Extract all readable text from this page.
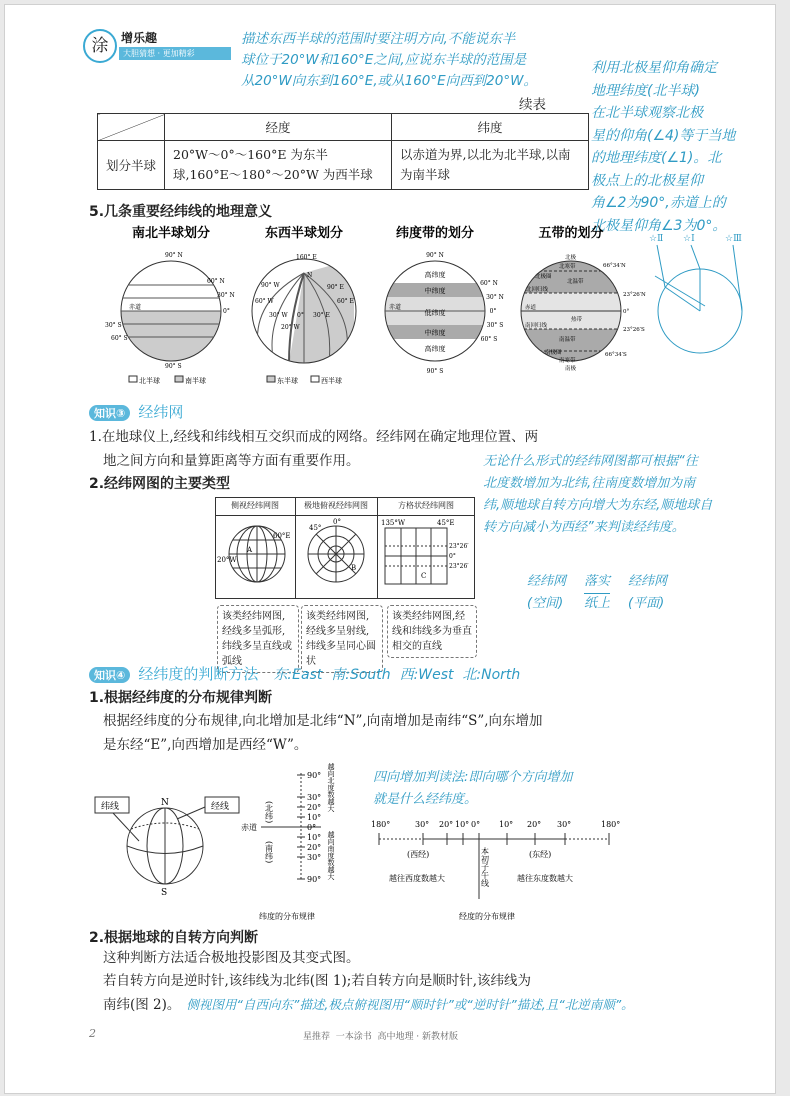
涂	增乐趣
大胆猜想 · 更加精彩
描述东西半球的范围时要注明方向,不能说东半
球位于20°W和160°E之间,应说东半球的范围是
从20°W向东到160°E,或从160°E向西到20°W。
续表
	经度	纬度
划分半球	20°W～0°～160°E 为东半球,160°E～180°～20°W 为西半球	以赤道为界,以北为北半球,以南为南半球
利用北极星仰角确定
地理纬度(北半球)
在北半球观察北极
星的仰角(∠4)等于当地
的地理纬度(∠1)。北
极点上的北极星仰
角∠2为90°,赤道上的
北极星仰角∠3为0°。
5.几条重要经纬线的地理意义
南北半球划分	东西半球划分	纬度带的划分	五带的划分
90° N
60° N
30° N
赤道
0°
30° S
60° S
90° S
北半球	南半球
160° E
N
90° W	90° E
60° W	60° E
30° W 0° 30° E
20° W
东半球	西半球
90° N
高纬度
60° N
中纬度
30° N
赤道
低纬度	0°
30° S
中纬度
60° S
高纬度
90° S
北极
北寒带	66°34′N
北极圈
北温带
北回归线
23°26′N
赤道
热带
0°
南回归线
23°26′S
南温带
南极圈
南寒带
66°34′S
南极
☆Ⅱ ☆Ⅰ	☆Ⅲ
知识③ 经纬网
1.在地球仪上,经线和纬线相互交织而成的网络。经纬网在确定地理位置、两
地之间方向和量算距离等方面有重要作用。
2.经纬网图的主要类型
无论什么形式的经纬网图都可根据“往
北度数增加为北纬,往南度数增加为南
纬,顺地球自转方向增大为东经,顺地球自
转方向减小为西经”来判读经纬度。
侧视经纬网图	极地俯视经纬网图	方格状经纬网图
A
60°E
20°W
0°
45°
B
135°W	45°E
23°26′
0°
23°26′
C
该类经纬网图,经线多呈弧形,纬线多呈直线或弧线
该类经纬网图,经线多呈射线,纬线多呈同心圆状
该类经纬网图,经线和纬线多为垂直相交的直线
经纬网
(空间)
落实
纸上
经纬网
(平面)
知识④ 经纬度的判断方法 东:East  南:South  西:West  北:North
1.根据经纬度的分布规律判断
根据经纬度的分布规律,向北增加是北纬“N”,向南增加是南纬“S”,向东增加
是东经“E”,向西增加是西经“W”。
纬线	经线
N
S
90°
30°
20°
10°
0°
10°
20°
30°
90°
(北纬)
(南纬)
赤道
越向北度数越大
越向南度数越大
纬度的分布规律
180°	30° 20° 10° 0° 10° 20° 30°	180°
(西经)	(东经)
本初子午线
越往西度数越大	越往东度数越大
经度的分布规律
四向增加判读法:即向哪个方向增加
就是什么经纬度。
2.根据地球的自转方向判断
这种判断方法适合极地投影图及其变式图。
若自转方向是逆时针,该纬线为北纬(图 1);若自转方向是顺时针,该纬线为
南纬(图 2)。 侧视图用“自西向东”描述,极点俯视图用“顺时针”或“逆时针”描述,且“北逆南顺”。
2	星推荐  一本涂书  高中地理 · 新教材版
